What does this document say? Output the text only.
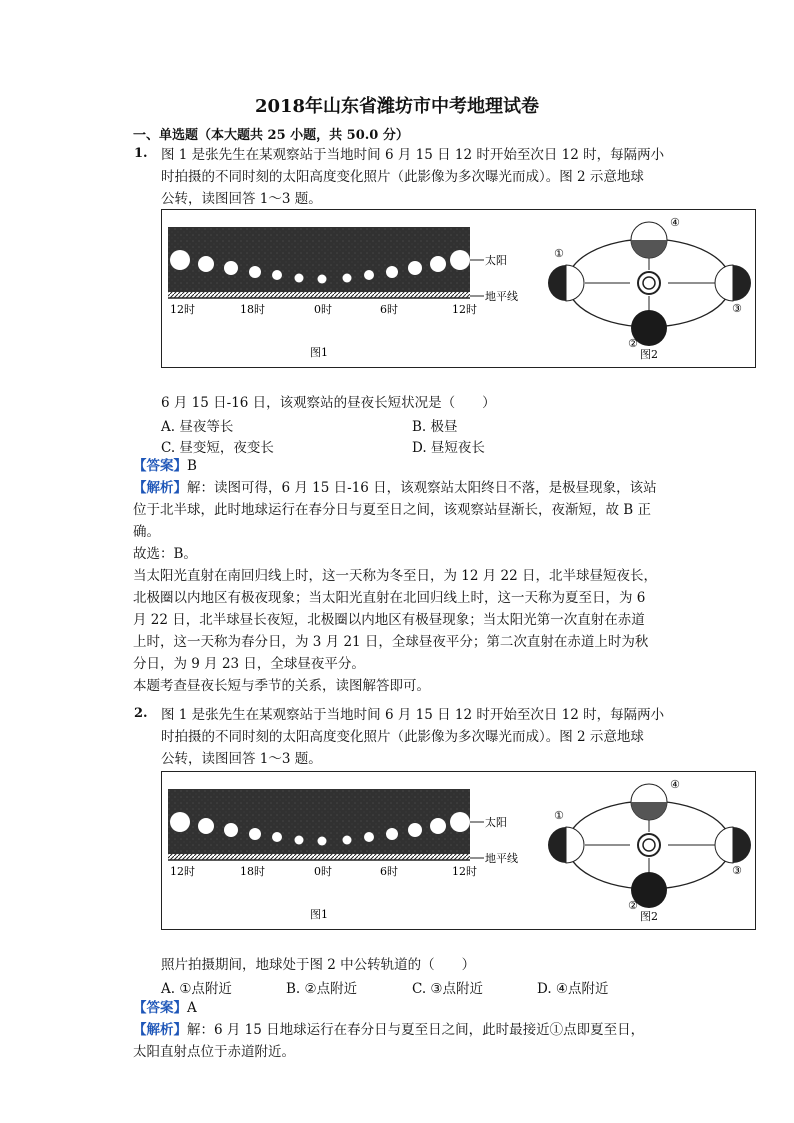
2018年山东省潍坊市中考地理试卷
一、单选题（本大题共 25 小题，共 50.0 分）
1. 图 1 是张先生在某观察站于当地时间 6 月 15 日 12 时开始至次日 12 时，每隔两小
时拍摄的不同时刻的太阳高度变化照片（此影像为多次曝光而成）。图 2 示意地球
公转，读图回答 1～3 题。
太阳
地平线
12时	18时	0时	6时	12时
图1
①
③
④
②
图2
6 月 15 日-16 日，该观察站的昼夜长短状况是（　　）
A. 昼夜等长	B. 极昼
C. 昼变短，夜变长	D. 昼短夜长
【答案】B
【解析】解：读图可得，6 月 15 日-16 日，该观察站太阳终日不落，是极昼现象，该站
位于北半球，此时地球运行在春分日与夏至日之间，该观察站昼渐长，夜渐短，故 B 正
确。
故选：B。
当太阳光直射在南回归线上时，这一天称为冬至日，为 12 月 22 日，北半球昼短夜长，
北极圈以内地区有极夜现象；当太阳光直射在北回归线上时，这一天称为夏至日，为 6
月 22 日，北半球昼长夜短，北极圈以内地区有极昼现象；当太阳光第一次直射在赤道
上时，这一天称为春分日，为 3 月 21 日，全球昼夜平分；第二次直射在赤道上时为秋
分日，为 9 月 23 日，全球昼夜平分。
本题考查昼夜长短与季节的关系，读图解答即可。
2. 图 1 是张先生在某观察站于当地时间 6 月 15 日 12 时开始至次日 12 时，每隔两小
时拍摄的不同时刻的太阳高度变化照片（此影像为多次曝光而成）。图 2 示意地球
公转，读图回答 1～3 题。
太阳
地平线
12时	18时	0时	6时	12时
图1
①
③
④
②
图2
照片拍摄期间，地球处于图 2 中公转轨道的（　　）
A. ①点附近	B. ②点附近	C. ③点附近	D. ④点附近
【答案】A
【解析】解：6 月 15 日地球运行在春分日与夏至日之间，此时最接近①点即夏至日，
太阳直射点位于赤道附近。
